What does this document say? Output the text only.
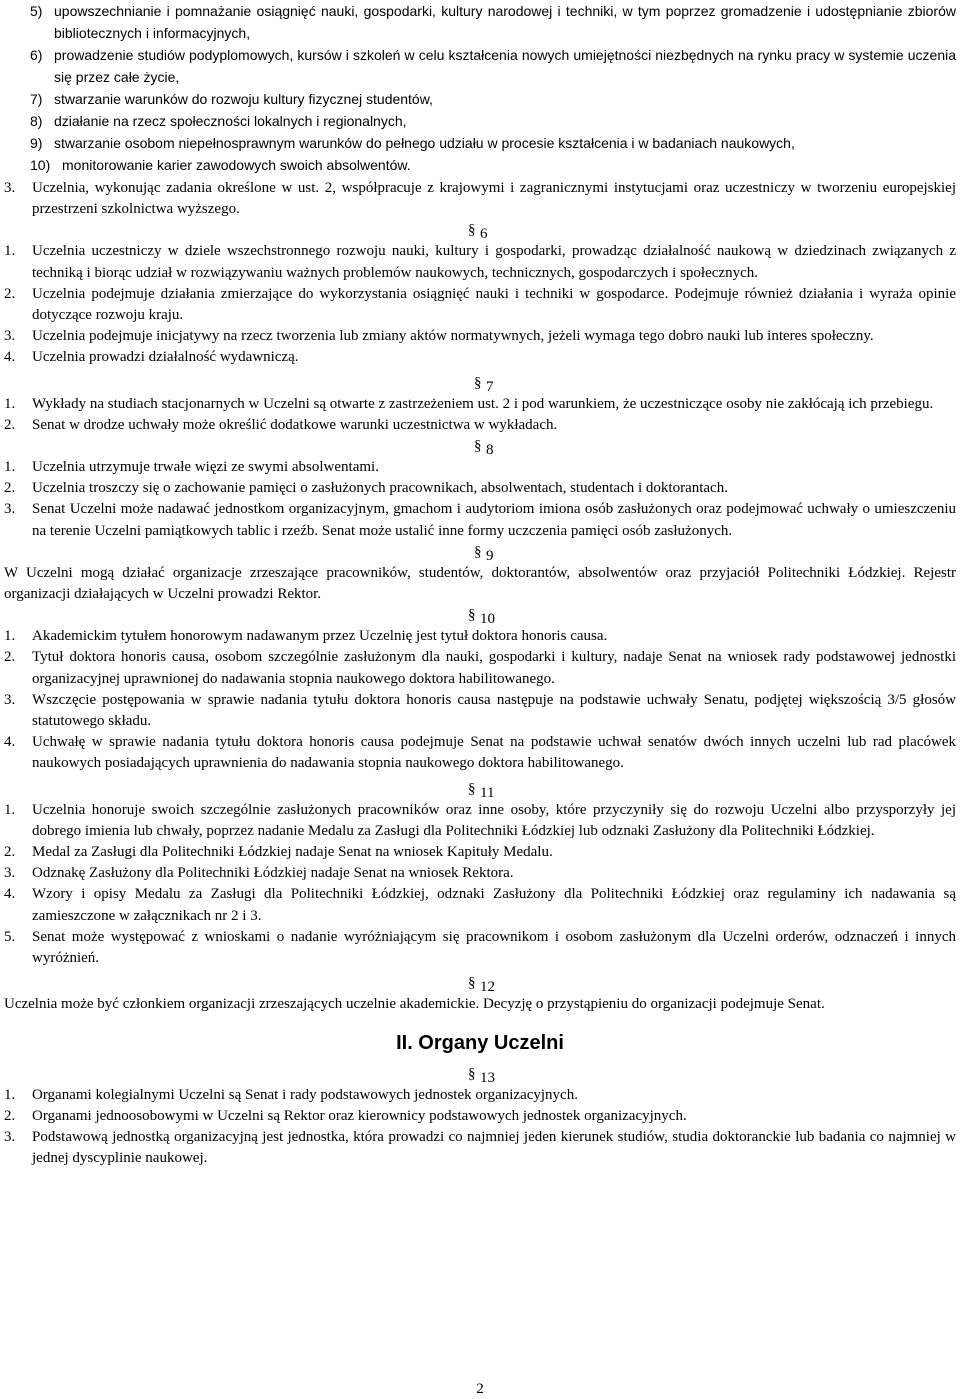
5) upowszechnianie i pomnażanie osiągnięć nauki, gospodarki, kultury narodowej i techniki, w tym poprzez gromadzenie i udostępnianie zbiorów bibliotecznych i informacyjnych,
6) prowadzenie studiów podyplomowych, kursów i szkoleń w celu kształcenia nowych umiejętności niezbędnych na rynku pracy w systemie uczenia się przez całe życie,
7) stwarzanie warunków do rozwoju kultury fizycznej studentów,
8) działanie na rzecz społeczności lokalnych i regionalnych,
9) stwarzanie osobom niepełnosprawnym warunków do pełnego udziału w procesie kształcenia i w badaniach naukowych,
10) monitorowanie karier zawodowych swoich absolwentów.
3. Uczelnia, wykonując zadania określone w ust. 2, współpracuje z krajowymi i zagranicznymi instytucjami oraz uczestniczy w tworzeniu europejskiej przestrzeni szkolnictwa wyższego.
§ 6
1. Uczelnia uczestniczy w dziele wszechstronnego rozwoju nauki, kultury i gospodarki, prowadząc działalność naukową w dziedzinach związanych z techniką i biorąc udział w rozwiązywaniu ważnych problemów naukowych, technicznych, gospodarczych i społecznych.
2. Uczelnia podejmuje działania zmierzające do wykorzystania osiągnięć nauki i techniki w gospodarce. Podejmuje również działania i wyraża opinie dotyczące rozwoju kraju.
3. Uczelnia podejmuje inicjatywy na rzecz tworzenia lub zmiany aktów normatywnych, jeżeli wymaga tego dobro nauki lub interes społeczny.
4. Uczelnia prowadzi działalność wydawniczą.
§ 7
1. Wykłady na studiach stacjonarnych w Uczelni są otwarte z zastrzeżeniem ust. 2 i pod warunkiem, że uczestniczące osoby nie zakłócają ich przebiegu.
2. Senat w drodze uchwały może określić dodatkowe warunki uczestnictwa w wykładach.
§ 8
1. Uczelnia utrzymuje trwałe więzi ze swymi absolwentami.
2. Uczelnia troszczy się o zachowanie pamięci o zasłużonych pracownikach, absolwentach, studentach i doktorantach.
3. Senat Uczelni może nadawać jednostkom organizacyjnym, gmachom i audytoriom imiona osób zasłużonych oraz podejmować uchwały o umieszczeniu na terenie Uczelni pamiątkowych tablic i rzeźb. Senat może ustalić inne formy uczczenia pamięci osób zasłużonych.
§ 9

W Uczelni mogą działać organizacje zrzeszające pracowników, studentów, doktorantów, absolwentów oraz przyjaciół Politechniki Łódzkiej. Rejestr organizacji działających w Uczelni prowadzi Rektor.

§ 10
1. Akademickim tytułem honorowym nadawanym przez Uczelnię jest tytuł doktora honoris causa.
2. Tytuł doktora honoris causa, osobom szczególnie zasłużonym dla nauki, gospodarki i kultury, nadaje Senat na wniosek rady podstawowej jednostki organizacyjnej uprawnionej do nadawania stopnia naukowego doktora habilitowanego.
3. Wszczęcie postępowania w sprawie nadania tytułu doktora honoris causa następuje na podstawie uchwały Senatu, podjętej większością 3/5 głosów statutowego składu.
4. Uchwałę w sprawie nadania tytułu doktora honoris causa podejmuje Senat na podstawie uchwał senatów dwóch innych uczelni lub rad placówek naukowych posiadających uprawnienia do nadawania stopnia naukowego doktora habilitowanego.
§ 11
1. Uczelnia honoruje swoich szczególnie zasłużonych pracowników oraz inne osoby, które przyczyniły się do rozwoju Uczelni albo przysporzyły jej dobrego imienia lub chwały, poprzez nadanie Medalu za Zasługi dla Politechniki Łódzkiej lub odznaki Zasłużony dla Politechniki Łódzkiej.
2. Medal za Zasługi dla Politechniki Łódzkiej nadaje Senat na wniosek Kapituły Medalu.
3. Odznakę Zasłużony dla Politechniki Łódzkiej nadaje Senat na wniosek Rektora.
4. Wzory i opisy Medalu za Zasługi dla Politechniki Łódzkiej, odznaki Zasłużony dla Politechniki Łódzkiej oraz regulaminy ich nadawania są zamieszczone w załącznikach nr 2 i 3.
5. Senat może występować z wnioskami o nadanie wyróżniającym się pracownikom i osobom zasłużonym dla Uczelni orderów, odznaczeń i innych wyróżnień.
§ 12

Uczelnia może być członkiem organizacji zrzeszających uczelnie akademickie. Decyzję o przystąpieniu do organizacji podejmuje Senat.

II. Organy Uczelni
§ 13
1. Organami kolegialnymi Uczelni są Senat i rady podstawowych jednostek organizacyjnych.
2. Organami jednoosobowymi w Uczelni są Rektor oraz kierownicy podstawowych jednostek organizacyjnych.
3. Podstawową jednostką organizacyjną jest jednostka, która prowadzi co najmniej jeden kierunek studiów, studia doktoranckie lub badania co najmniej w jednej dyscyplinie naukowej.
2
